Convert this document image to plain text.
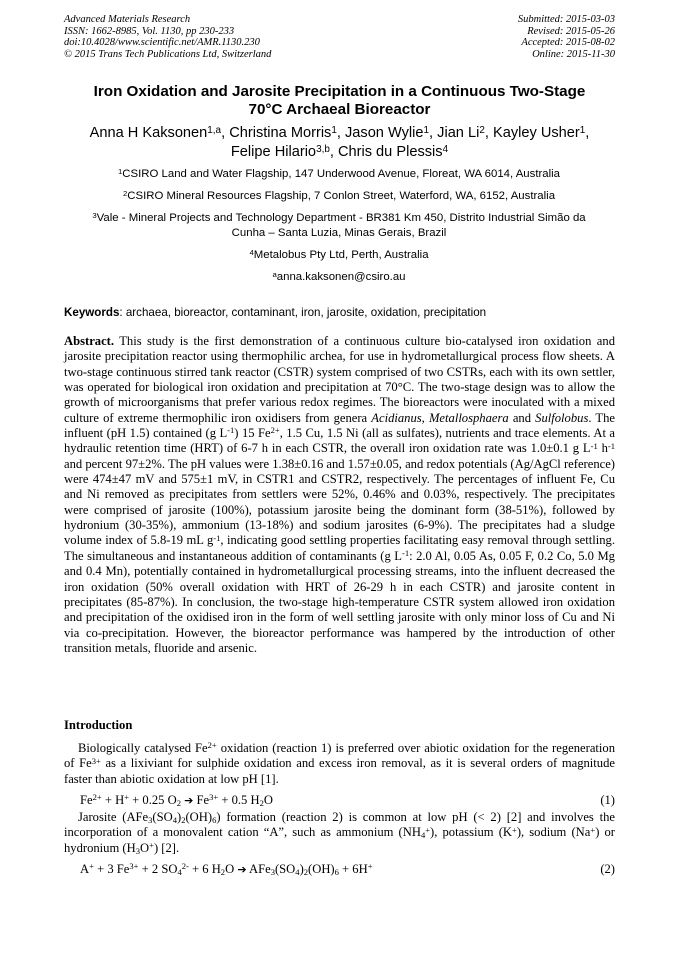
Advanced Materials Research
ISSN: 1662-8985, Vol. 1130, pp 230-233
doi:10.4028/www.scientific.net/AMR.1130.230
© 2015 Trans Tech Publications Ltd, Switzerland
Submitted: 2015-03-03
Revised: 2015-05-26
Accepted: 2015-08-02
Online: 2015-11-30
Iron Oxidation and Jarosite Precipitation in a Continuous Two-Stage
70°C Archaeal Bioreactor
Anna H Kaksonen$^{1,a}$, Christina Morris$^1$, Jason Wylie$^1$, Jian Li$^2$, Kayley Usher$^1$,
Felipe Hilario$^{3,b}$, Chris du Plessis$^4$
$^1$CSIRO Land and Water Flagship, 147 Underwood Avenue, Floreat, WA 6014, Australia
$^2$CSIRO Mineral Resources Flagship, 7 Conlon Street, Waterford, WA, 6152, Australia
$^3$Vale - Mineral Projects and Technology Department - BR381 Km 450, Distrito Industrial Simão da
Cunha – Santa Luzia, Minas Gerais, Brazil
$^4$Metalobus Pty Ltd, Perth, Australia
$^a$anna.kaksonen@csiro.au
Keywords: archaea, bioreactor, contaminant, iron, jarosite, oxidation, precipitation
Abstract. This study is the first demonstration of a continuous culture bio-catalysed iron oxidation and jarosite precipitation reactor using thermophilic archea, for use in hydrometallurgical process flow sheets. A two-stage continuous stirred tank reactor (CSTR) system comprised of two CSTRs, each with its own settler, was operated for biological iron oxidation and precipitation at 70°C. The two-stage design was to allow the growth of microorganisms that prefer various redox regimes. The bioreactors were inoculated with a mixed culture of extreme thermophilic iron oxidisers from genera Acidianus, Metallosphaera and Sulfolobus. The influent (pH 1.5) contained (g $L^{-1}$) 15 $Fe^{2+}$, 1.5 Cu, 1.5 Ni (all as sulfates), nutrients and trace elements. At a hydraulic retention time (HRT) of 6-7 h in each CSTR, the overall iron oxidation rate was 1.0±0.1 g $L^{-1}$ $h^{-1}$ and percent 97±2%. The pH values were 1.38±0.16 and 1.57±0.05, and redox potentials (Ag/AgCl reference) were 474±47 mV and 575±1 mV, in CSTR1 and CSTR2, respectively. The percentages of influent Fe, Cu and Ni removed as precipitates from settlers were 52%, 0.46% and 0.03%, respectively. The precipitates were comprised of jarosite (100%), potassium jarosite being the dominant form (38-51%), followed by hydronium (30-35%), ammonium (13-18%) and sodium jarosites (6-9%). The precipitates had a sludge volume index of 5.8-19 mL $g^{-1}$, indicating good settling properties facilitating easy removal through settling. The simultaneous and instantaneous addition of contaminants (g $L^{-1}$: 2.0 Al, 0.05 As, 0.05 F, 0.2 Co, 5.0 Mg and 0.4 Mn), potentially contained in hydrometallurgical processing streams, into the influent decreased the iron oxidation (50% overall oxidation with HRT of 26-29 h in each CSTR) and jarosite content in precipitates (85-87%). In conclusion, the two-stage high-temperature CSTR system allowed iron oxidation and precipitation of the oxidised iron in the form of well settling jarosite with only minor loss of Cu and Ni via co-precipitation. However, the bioreactor performance was hampered by the introduction of other transition metals, fluoride and arsenic.
Introduction
Biologically catalysed $Fe^{2+}$ oxidation (reaction 1) is preferred over abiotic oxidation for the regeneration of $Fe^{3+}$ as a lixiviant for sulphide oxidation and excess iron removal, as it is several orders of magnitude faster than abiotic oxidation at low pH [1].
$Fe^{2+} + H^+ + 0.25$ $O_2$ ➔ $Fe^{3+} + 0.5$ $H_2O$	(1)
Jarosite $(AFe_3(SO_4)_2(OH)_6)$ formation (reaction 2) is common at low pH (< 2) [2] and involves the incorporation of a monovalent cation “A”, such as ammonium $(NH_4^+)$, potassium (K+), sodium (Na+) or hydronium $(H_3O^+)$ [2].
A+ + 3 $Fe^{3+} + 2$ $SO_4^{2-} + 6$ $H_2O$ ➔ $AFe_3(SO_4)_2(OH)_6 + 6H^+$	(2)
